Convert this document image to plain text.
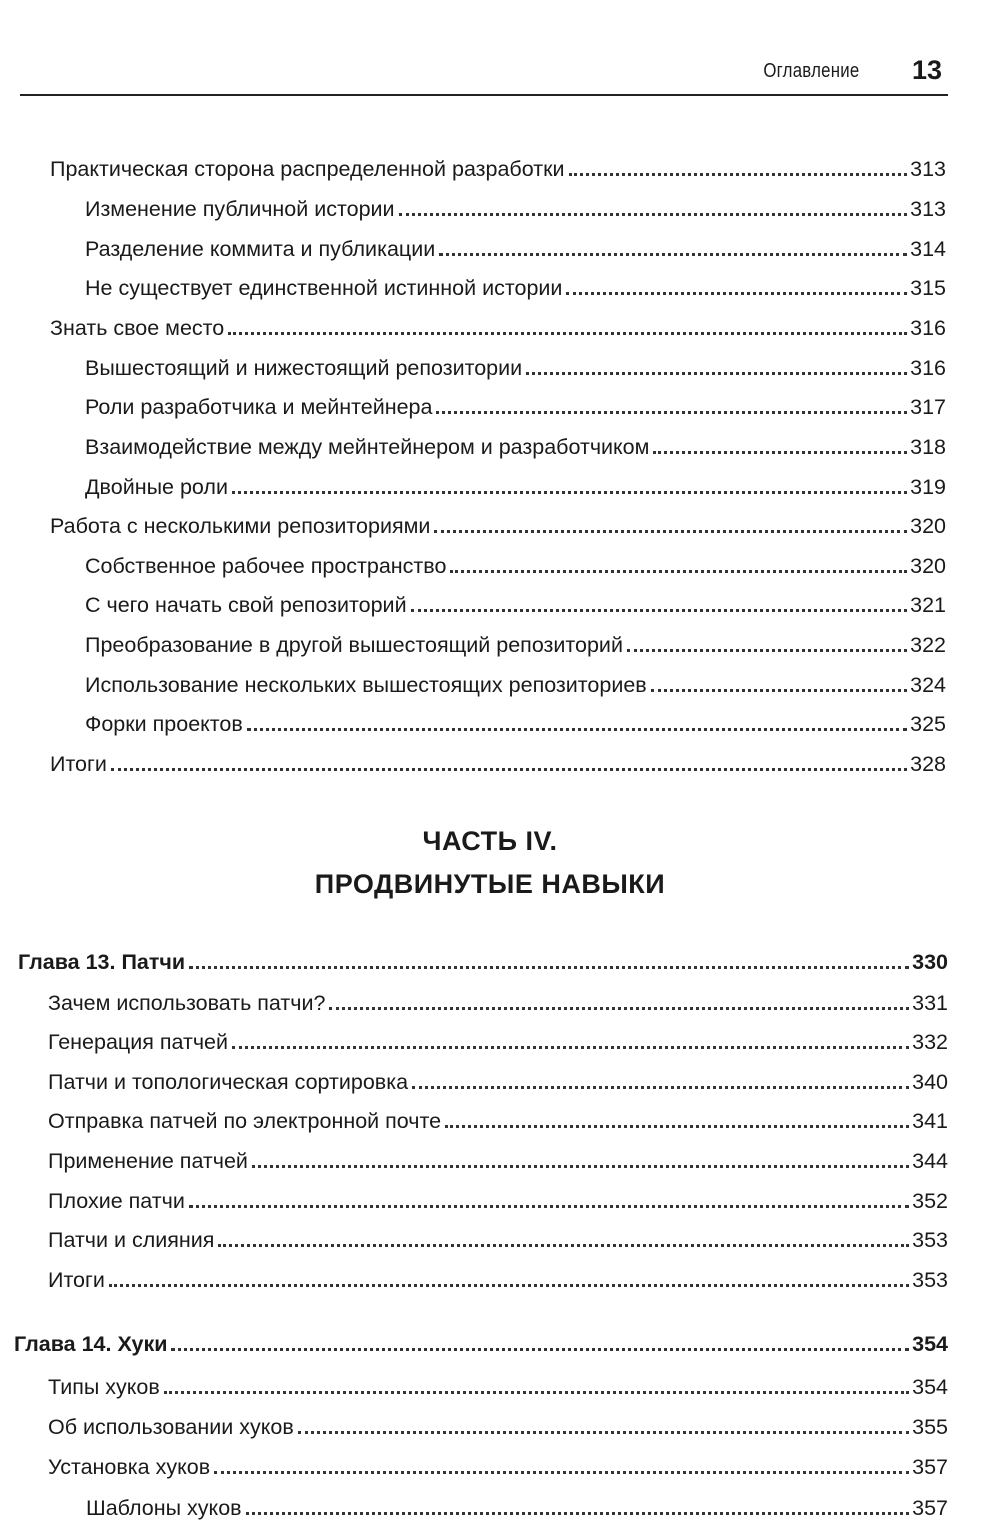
Оглавление 13
Практическая сторона распределенной разработки	313
Изменение публичной истории	313
Разделение коммита и публикации	314
Не существует единственной истинной истории	315
Знать свое место	316
Вышестоящий и нижестоящий репозитории	316
Роли разработчика и мейнтейнера	317
Взаимодействие между мейнтейнером и разработчиком	318
Двойные роли	319
Работа с несколькими репозиториями	320
Собственное рабочее пространство	320
С чего начать свой репозиторий	321
Преобразование в другой вышестоящий репозиторий	322
Использование нескольких вышестоящих репозиториев	324
Форки проектов	325
Итоги	328
ЧАСТЬ IV.
ПРОДВИНУТЫЕ НАВЫКИ
Глава 13. Патчи	330
Зачем использовать патчи?	331
Генерация патчей	332
Патчи и топологическая сортировка	340
Отправка патчей по электронной почте	341
Применение патчей	344
Плохие патчи	352
Патчи и слияния	353
Итоги	353
Глава 14. Хуки	354
Типы хуков	354
Об использовании хуков	355
Установка хуков	357
Шаблоны хуков	357
